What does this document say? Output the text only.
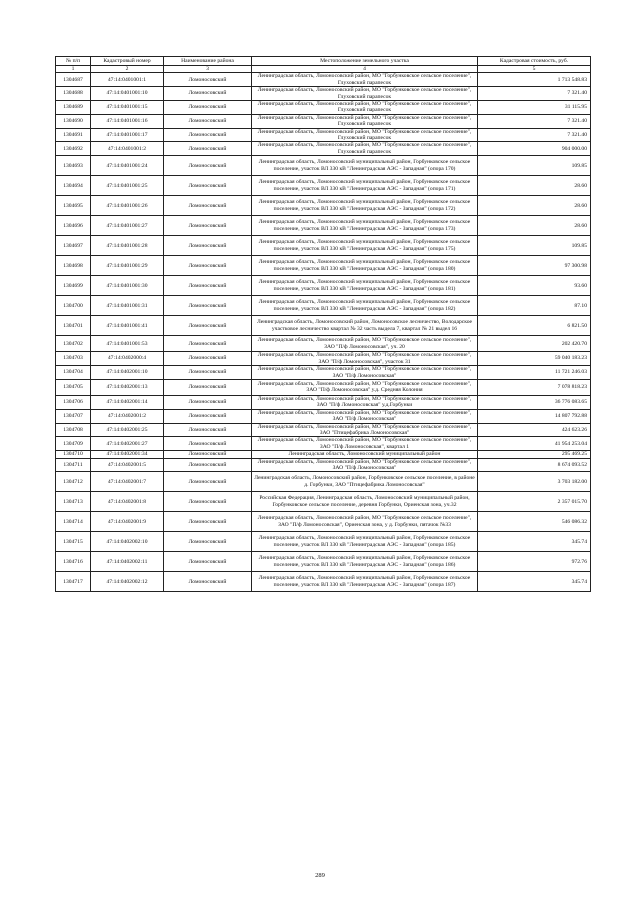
№ п/п	Кадастровый номер	Наименование района	Местоположение земельного участка	Кадастровая стоимость, руб.
1	2	3	4	5
1304687	47:14:0401001:1	Ломоносовский	Ленинградская область, Ломоносовский район, МО "Горбунковское сельское поселение", Глуховский парапесок	1 713 548.83
1304688	47:14:0401001:10	Ломоносовский	Ленинградская область, Ломоносовский район, МО "Горбунковское сельское поселение", Глуховский парапесок	7 321.40
1304689	47:14:0401001:15	Ломоносовский	Ленинградская область, Ломоносовский район, МО "Горбунковское сельское поселение", Глуховский парапесок	31 115.95
1304690	47:14:0401001:16	Ломоносовский	Ленинградская область, Ломоносовский район, МО "Горбунковское сельское поселение", Глуховский парапесок	7 321.40
1304691	47:14:0401001:17	Ломоносовский	Ленинградская область, Ломоносовский район, МО "Горбунковское сельское поселение", Глуховский парапесок	7 321.40
1304692	47:14:0401001:2	Ломоносовский	Ленинградская область, Ломоносовский район, МО "Горбунковское сельское поселение", Глуховский парапесок	904 000.00
1304693	47:14:0401001:24	Ломоносовский	Ленинградская область, Ломоносовский муниципальный район, Горбунковское сельское поселение, участок ВЛ 330 кВ "Ленинградская АЭС - Западная" (опора 170)	109.85
1304694	47:14:0401001:25	Ломоносовский	Ленинградская область, Ломоносовский муниципальный район, Горбунковское сельское поселение, участок ВЛ 330 кВ "Ленинградская АЭС - Западная" (опора 171)	28.60
1304695	47:14:0401001:26	Ломоносовский	Ленинградская область, Ломоносовский муниципальный район, Горбунковское сельское поселение, участок ВЛ 330 кВ "Ленинградская АЭС - Западная" (опора 172)	28.60
1304696	47:14:0401001:27	Ломоносовский	Ленинградская область, Ломоносовский муниципальный район, Горбунковское сельское поселение, участок ВЛ 330 кВ "Ленинградская АЭС - Западная" (опора 173)	28.60
1304697	47:14:0401001:28	Ломоносовский	Ленинградская область, Ломоносовский муниципальный район, Горбунковское сельское поселение, участок ВЛ 330 кВ "Ленинградская АЭС - Западная" (опора 175)	109.85
1304698	47:14:0401001:29	Ломоносовский	Ленинградская область, Ломоносовский муниципальный район, Горбунковское сельское поселение, участок ВЛ 330 кВ "Ленинградская АЭС - Западная" (опора 180)	97 300.98
1304699	47:14:0401001:30	Ломоносовский	Ленинградская область, Ломоносовский муниципальный район, Горбунковское сельское поселение, участок ВЛ 330 кВ "Ленинградская АЭС - Западная" (опора 181)	93.60
1304700	47:14:0401001:31	Ломоносовский	Ленинградская область, Ломоносовский муниципальный район, Горбунковское сельское поселение, участок ВЛ 330 кВ "Ленинградская АЭС - Западная" (опора 182)	87.10
1304701	47:14:0401001:41	Ломоносовский	Ленинградская область, Ломоносовский район, Ломоносовское лесничество, Володарское участковое лесничество квартал № 32 часть выдела 7, квартал № 21 выдел 16	6 821.50
1304702	47:14:0401001:53	Ломоносовский	Ленинградская область, Ломоносовский район, МО "Горбунковское сельское поселение", ЗАО "П/ф Ломоносовская", уч. 20	202 420.70
1304703	47:14:0402000:4	Ломоносовский	Ленинградская область, Ломоносовский район, МО "Горбунковское сельское поселение", ЗАО "П/ф Ломоносовская", участок 31	59 040 183.23
1304704	47:14:0402001:10	Ломоносовский	Ленинградская область, Ломоносовский район, МО "Горбунковское сельское поселение", ЗАО "П/ф Ломоносовская"	11 721 246.03
1304705	47:14:0402001:13	Ломоносовский	Ленинградская область, Ломоносовский район, МО "Горбунковское сельское поселение", ЗАО "П/ф Ломоносовская" у.д. Средняя Колония	7 078 818.23
1304706	47:14:0402001:14	Ломоносовский	Ленинградская область, Ломоносовский район, МО "Горбунковское сельское поселение", ЗАО "П/ф Ломоносовская" у.д.Горбунки	36 776 083.65
1304707	47:14:0402001:2	Ломоносовский	Ленинградская область, Ломоносовский район, МО "Горбунковское сельское поселение", ЗАО "П/ф Ломоносовская"	14 807 792.88
1304708	47:14:0402001:25	Ломоносовский	Ленинградская область, Ломоносовский район, МО "Горбунковское сельское поселение", ЗАО "Птицефабрика Ломоносовская"	424 623.26
1304709	47:14:0402001:27	Ломоносовский	Ленинградская область, Ломоносовский район, МО "Горбунковское сельское поселение", ЗАО "П/ф Ломоносовская", квартал 1	41 954 253.04
1304710	47:14:0402001:34	Ломоносовский	Ленинградская область, Ломоносовский муниципальный район	295 469.25
1304711	47:14:0402001:5	Ломоносовский	Ленинградская область, Ломоносовский район, МО "Горбунковское сельское поселение", ЗАО "П/ф Ломоносовская"	8 674 093.52
1304712	47:14:0402001:7	Ломоносовский	Ленинградская область, Ломоносовский район, Горбунковское сельское поселение, в районе д. Горбунки, ЗАО "Птицефабрика Ломоносовская"	3 703 182.00
1304713	47:14:0402001:8	Ломоносовский	Российская Федерация, Ленинградская область, Ломоносовский муниципальный район, Горбунковское сельское поселение, деревня Горбунки, Ориенская зона, уч.32	2 357 015.70
1304714	47:14:0402001:9	Ломоносовский	Ленинградская область, Ломоносовский район, МО "Горбунковское сельское поселение", ЗАО "П/ф Ломоносовская", Ориенская зона, у д. Горбунки, пятачок №33	546 086.32
1304715	47:14:0402002:10	Ломоносовский	Ленинградская область, Ломоносовский муниципальный район, Горбунковское сельское поселение, участок ВЛ 330 кВ "Ленинградская АЭС - Западная" (опора 185)	345.74
1304716	47:14:0402002:11	Ломоносовский	Ленинградская область, Ломоносовский муниципальный район, Горбунковское сельское поселение, участок ВЛ 330 кВ "Ленинградская АЭС - Западная" (опора 186)	972.76
1304717	47:14:0402002:12	Ломоносовский	Ленинградская область, Ломоносовский муниципальный район, Горбунковское сельское поселение, участок ВЛ 330 кВ "Ленинградская АЭС - Западная" (опора 187)	345.74
289
